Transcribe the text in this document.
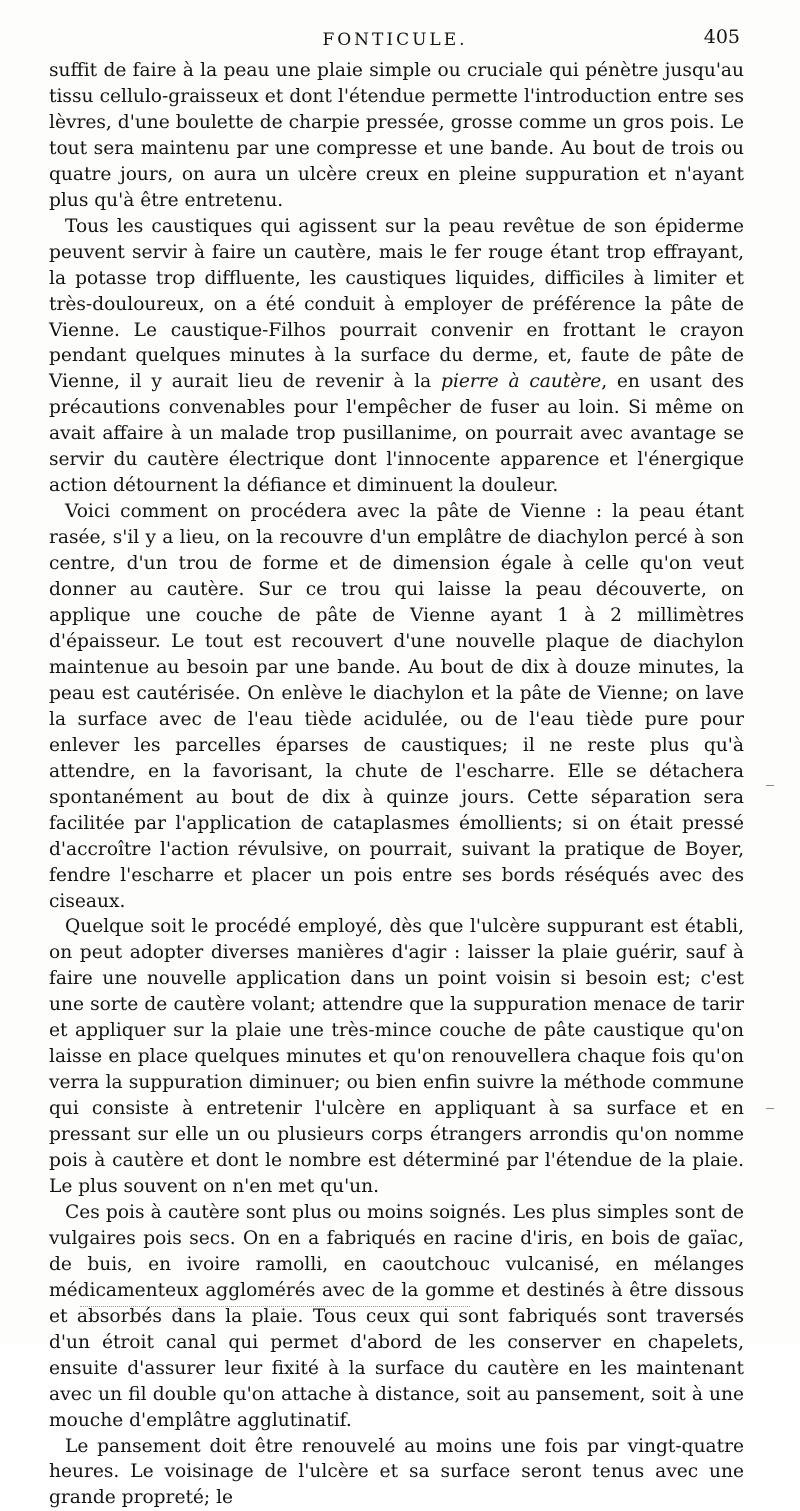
FONTICULE.	405

suffit de faire à la peau une plaie simple ou cruciale qui pénètre jusqu'au tissu cellulo-graisseux et dont l'étendue permette l'introduction entre ses lèvres, d'une boulette de charpie pressée, grosse comme un gros pois. Le tout sera maintenu par une compresse et une bande. Au bout de trois ou quatre jours, on aura un ulcère creux en pleine suppuration et n'ayant plus qu'à être entretenu.

Tous les caustiques qui agissent sur la peau revêtue de son épiderme peuvent servir à faire un cautère, mais le fer rouge étant trop effrayant, la potasse trop diffluente, les caustiques liquides, difficiles à limiter et très-douloureux, on a été conduit à employer de préférence la pâte de Vienne. Le caustique-Filhos pourrait convenir en frottant le crayon pendant quelques minutes à la surface du derme, et, faute de pâte de Vienne, il y aurait lieu de revenir à la pierre à cautère, en usant des précautions convenables pour l'empêcher de fuser au loin. Si même on avait affaire à un malade trop pusillanime, on pourrait avec avantage se servir du cautère électrique dont l'innocente apparence et l'énergique action détournent la défiance et diminuent la douleur.

Voici comment on procédera avec la pâte de Vienne : la peau étant rasée, s'il y a lieu, on la recouvre d'un emplâtre de diachylon percé à son centre, d'un trou de forme et de dimension égale à celle qu'on veut donner au cautère. Sur ce trou qui laisse la peau découverte, on applique une couche de pâte de Vienne ayant 1 à 2 millimètres d'épaisseur. Le tout est recouvert d'une nouvelle plaque de diachylon maintenue au besoin par une bande. Au bout de dix à douze minutes, la peau est cautérisée. On enlève le diachylon et la pâte de Vienne; on lave la surface avec de l'eau tiède acidulée, ou de l'eau tiède pure pour enlever les parcelles éparses de caustiques; il ne reste plus qu'à attendre, en la favorisant, la chute de l'escharre. Elle se détachera spontanément au bout de dix à quinze jours. Cette séparation sera facilitée par l'application de cataplasmes émollients; si on était pressé d'accroître l'action révulsive, on pourrait, suivant la pratique de Boyer, fendre l'escharre et placer un pois entre ses bords réséqués avec des ciseaux.

Quelque soit le procédé employé, dès que l'ulcère suppurant est établi, on peut adopter diverses manières d'agir : laisser la plaie guérir, sauf à faire une nouvelle application dans un point voisin si besoin est; c'est une sorte de cautère volant; attendre que la suppuration menace de tarir et appliquer sur la plaie une très-mince couche de pâte caustique qu'on laisse en place quelques minutes et qu'on renouvellera chaque fois qu'on verra la suppuration diminuer; ou bien enfin suivre la méthode commune qui consiste à entretenir l'ulcère en appliquant à sa surface et en pressant sur elle un ou plusieurs corps étrangers arrondis qu'on nomme pois à cautère et dont le nombre est déterminé par l'étendue de la plaie. Le plus souvent on n'en met qu'un.

Ces pois à cautère sont plus ou moins soignés. Les plus simples sont de vulgaires pois secs. On en a fabriqués en racine d'iris, en bois de gaïac, de buis, en ivoire ramolli, en caoutchouc vulcanisé, en mélanges médicamenteux agglomérés avec de la gomme et destinés à être dissous et absorbés dans la plaie. Tous ceux qui sont fabriqués sont traversés d'un étroit canal qui permet d'abord de les conserver en chapelets, ensuite d'assurer leur fixité à la surface du cautère en les maintenant avec un fil double qu'on attache à distance, soit au pansement, soit à une mouche d'emplâtre agglutinatif.

Le pansement doit être renouvelé au moins une fois par vingt-quatre heures. Le voisinage de l'ulcère et sa surface seront tenus avec une grande propreté; le
